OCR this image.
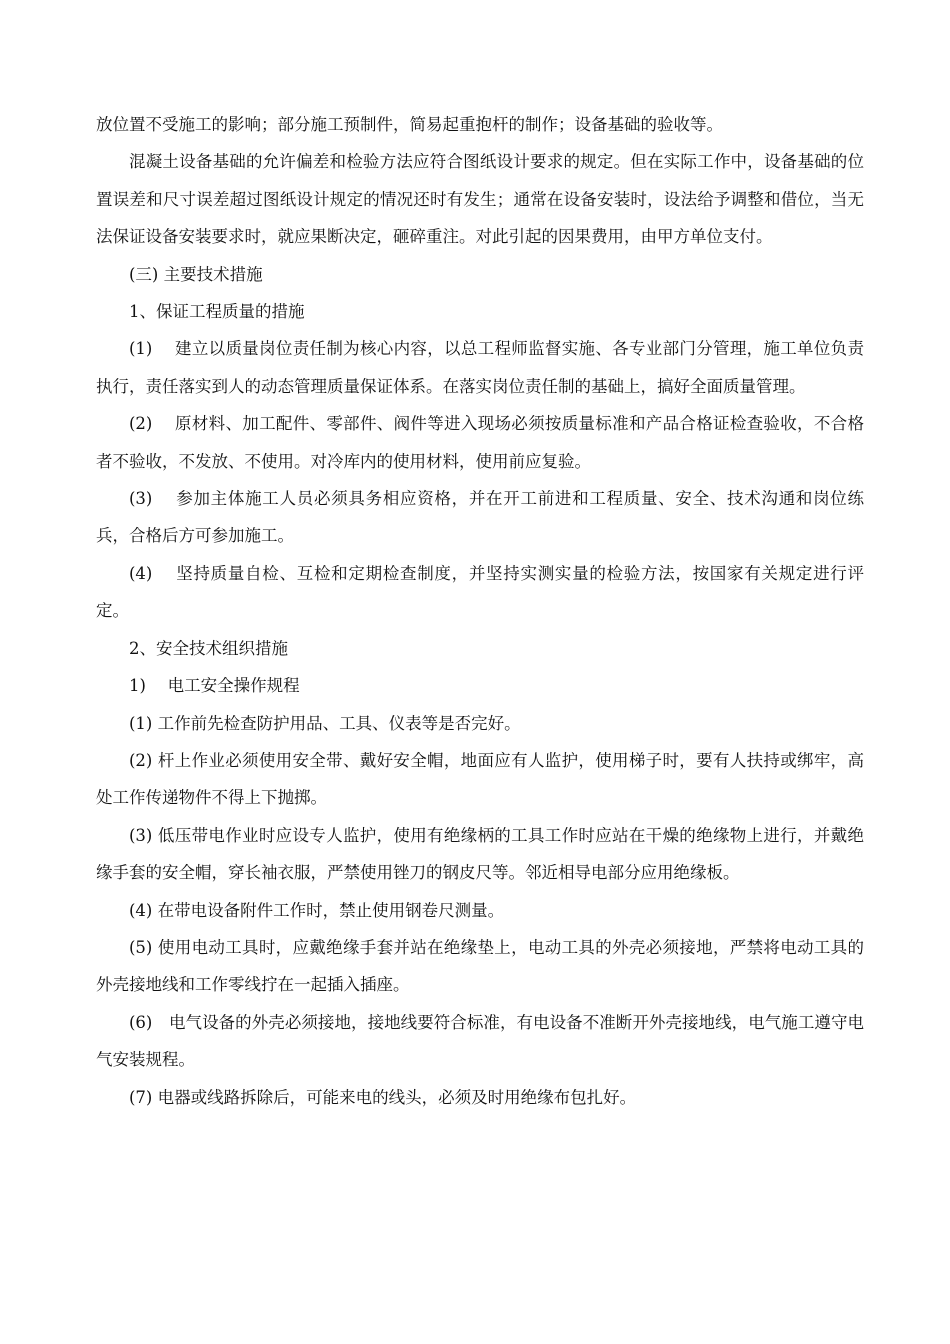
放位置不受施工的影响；部分施工预制件，简易起重抱杆的制作；设备基础的验收等。

混凝土设备基础的允许偏差和检验方法应符合图纸设计要求的规定。但在实际工作中，设备基础的位置误差和尺寸误差超过图纸设计规定的情况还时有发生；通常在设备安装时，设法给予调整和借位，当无法保证设备安装要求时，就应果断决定，砸碎重注。对此引起的因果费用，由甲方单位支付。

(三) 主要技术措施

1、保证工程质量的措施

(1)　 建立以质量岗位责任制为核心内容，以总工程师监督实施、各专业部门分管理，施工单位负责执行，责任落实到人的动态管理质量保证体系。在落实岗位责任制的基础上，搞好全面质量管理。

(2)　 原材料、加工配件、零部件、阀件等进入现场必须按质量标准和产品合格证检查验收，不合格者不验收，不发放、不使用。对冷库内的使用材料，使用前应复验。

(3)　 参加主体施工人员必须具务相应资格，并在开工前进和工程质量、安全、技术沟通和岗位练兵，合格后方可参加施工。

(4)　 坚持质量自检、互检和定期检查制度，并坚持实测实量的检验方法，按国家有关规定进行评定。

2、安全技术组织措施

1)　 电工安全操作规程

(1) 工作前先检查防护用品、工具、仪表等是否完好。

(2) 杆上作业必须使用安全带、戴好安全帽，地面应有人监护，使用梯子时，要有人扶持或绑牢，高处工作传递物件不得上下抛掷。

(3) 低压带电作业时应设专人监护，使用有绝缘柄的工具工作时应站在干燥的绝缘物上进行，并戴绝缘手套的安全帽，穿长袖衣服，严禁使用锉刀的钢皮尺等。邻近相导电部分应用绝缘板。

(4) 在带电设备附件工作时，禁止使用钢卷尺测量。

(5) 使用电动工具时，应戴绝缘手套并站在绝缘垫上，电动工具的外壳必须接地，严禁将电动工具的外壳接地线和工作零线拧在一起插入插座。

(6)　电气设备的外壳必须接地，接地线要符合标准，有电设备不准断开外壳接地线，电气施工遵守电气安装规程。

(7) 电器或线路拆除后，可能来电的线头，必须及时用绝缘布包扎好。
